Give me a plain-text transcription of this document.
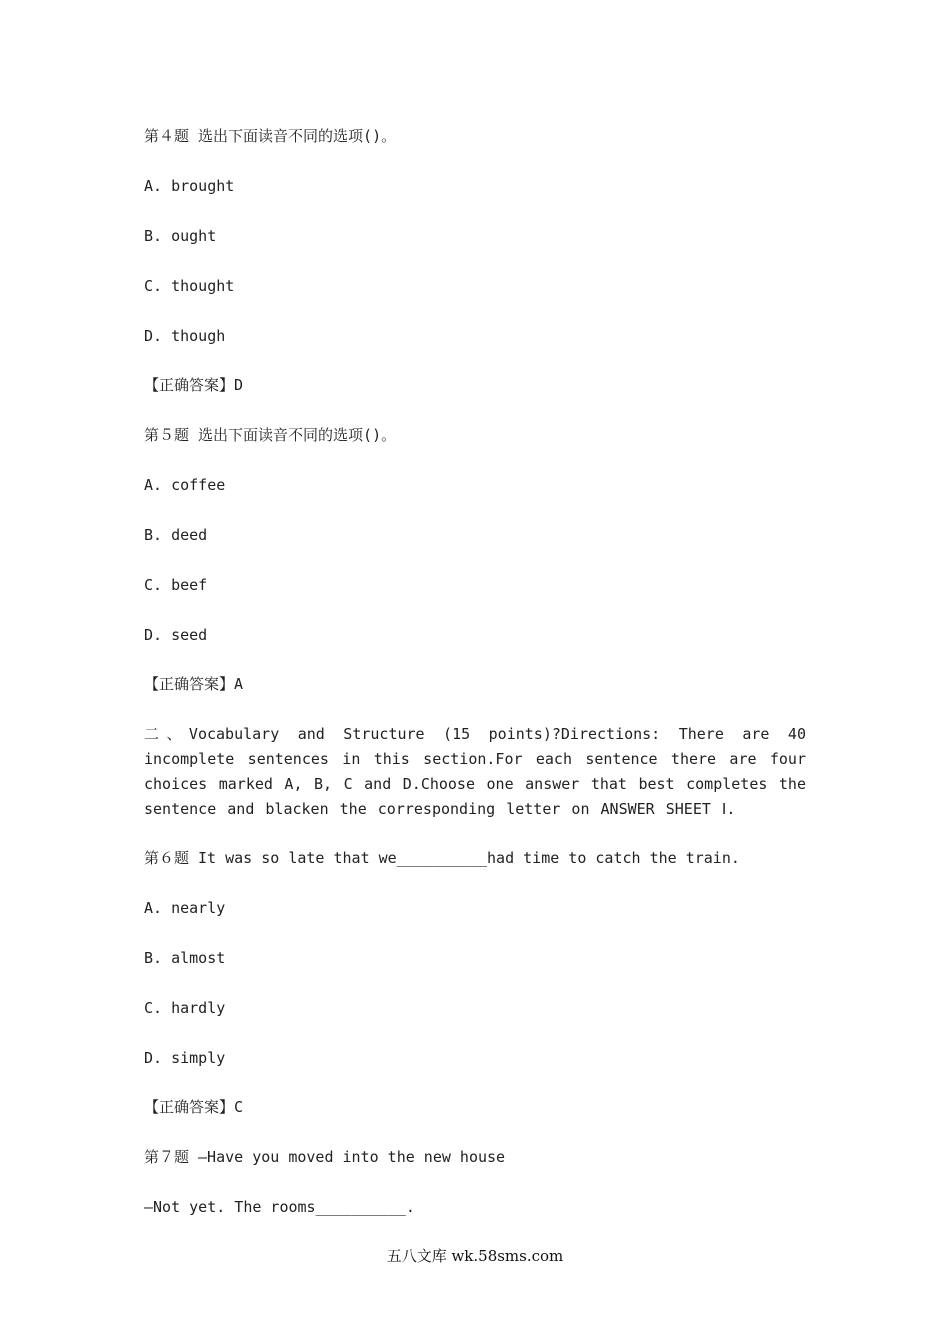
第４题 选出下面读音不同的选项()。
A. brought
B. ought
C. thought
D. though
【正确答案】D
第５题 选出下面读音不同的选项()。
A. coffee
B. deed
C. beef
D. seed
【正确答案】A
二、Vocabulary and Structure (15 points)?Directions: There are 40 incomplete sentences in this section.For each sentence there are four choices marked A, B, C and D.Choose one answer that best completes the sentence and blacken the corresponding letter on ANSWER SHEET Ⅰ.
第６题 It was so late that we__________had time to catch the train.
A. nearly
B. almost
C. hardly
D. simply
【正确答案】C
第７题 —Have you moved into the new house
—Not yet. The rooms__________.
五八文库 wk.58sms.com
